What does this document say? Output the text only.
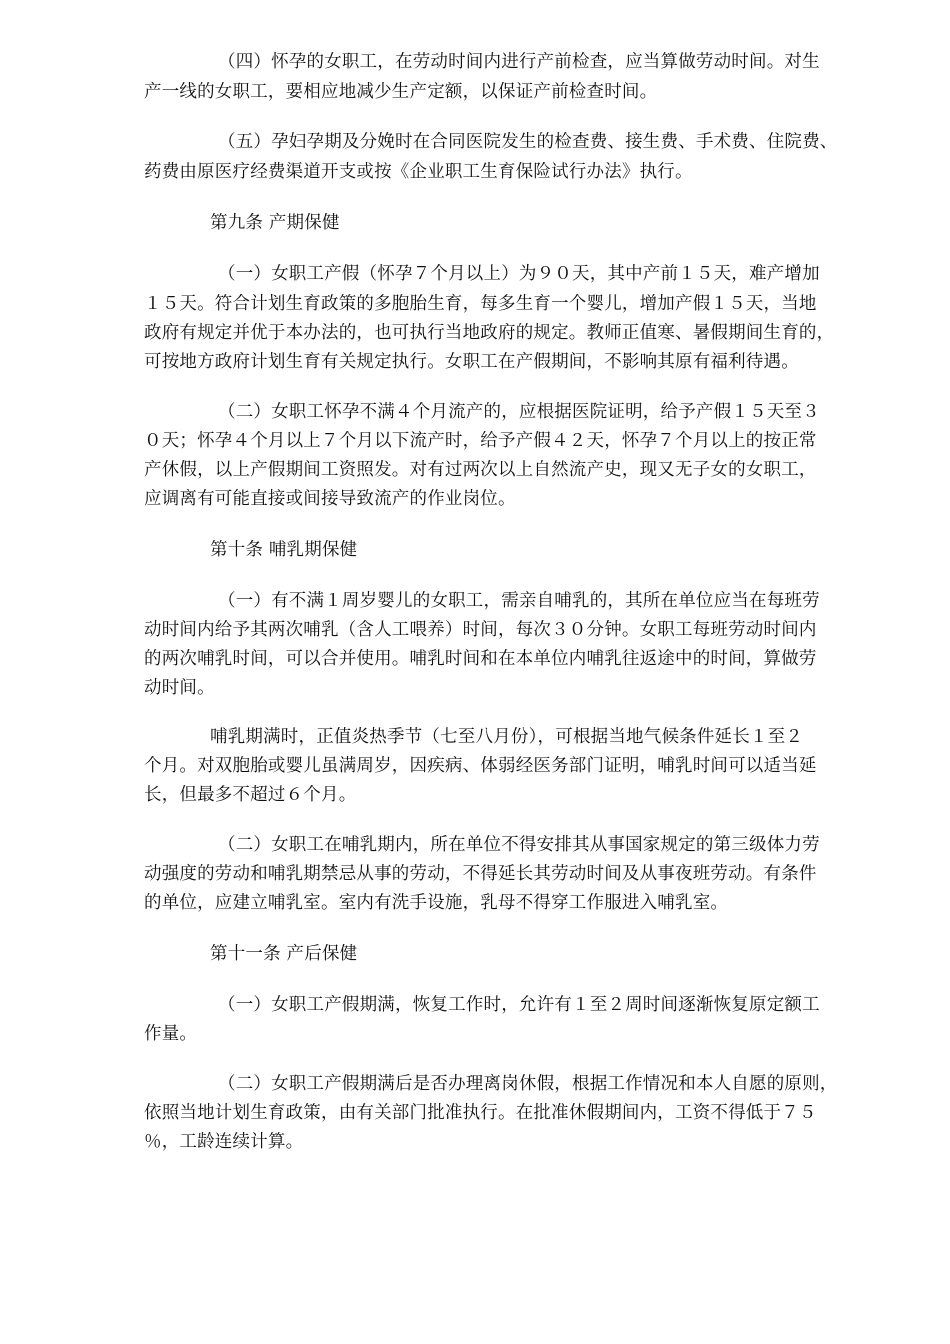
（四）怀孕的女职工，在劳动时间内进行产前检查，应当算做劳动时间。对生
产一线的女职工，要相应地减少生产定额，以保证产前检查时间。
（五）孕妇孕期及分娩时在合同医院发生的检查费、接生费、手术费、住院费、
药费由原医疗经费渠道开支或按《企业职工生育保险试行办法》执行。
第九条 产期保健
（一）女职工产假（怀孕７个月以上）为９０天，其中产前１５天，难产增加
１５天。符合计划生育政策的多胞胎生育，每多生育一个婴儿，增加产假１５天，当地
政府有规定并优于本办法的，也可执行当地政府的规定。教师正值寒、暑假期间生育的，
可按地方政府计划生育有关规定执行。女职工在产假期间，不影响其原有福利待遇。
（二）女职工怀孕不满４个月流产的，应根据医院证明，给予产假１５天至３
０天；怀孕４个月以上７个月以下流产时，给予产假４２天，怀孕７个月以上的按正常
产休假，以上产假期间工资照发。对有过两次以上自然流产史，现又无子女的女职工，
应调离有可能直接或间接导致流产的作业岗位。
第十条 哺乳期保健
（一）有不满１周岁婴儿的女职工，需亲自哺乳的，其所在单位应当在每班劳
动时间内给予其两次哺乳（含人工喂养）时间，每次３０分钟。女职工每班劳动时间内
的两次哺乳时间，可以合并使用。哺乳时间和在本单位内哺乳往返途中的时间，算做劳
动时间。
哺乳期满时，正值炎热季节（七至八月份），可根据当地气候条件延长１至２
个月。对双胞胎或婴儿虽满周岁，因疾病、体弱经医务部门证明，哺乳时间可以适当延
长，但最多不超过６个月。
（二）女职工在哺乳期内，所在单位不得安排其从事国家规定的第三级体力劳
动强度的劳动和哺乳期禁忌从事的劳动，不得延长其劳动时间及从事夜班劳动。有条件
的单位，应建立哺乳室。室内有洗手设施，乳母不得穿工作服进入哺乳室。
第十一条 产后保健
（一）女职工产假期满，恢复工作时，允许有１至２周时间逐渐恢复原定额工
作量。
（二）女职工产假期满后是否办理离岗休假，根据工作情况和本人自愿的原则，
依照当地计划生育政策，由有关部门批准执行。在批准休假期间内，工资不得低于７５
％，工龄连续计算。
